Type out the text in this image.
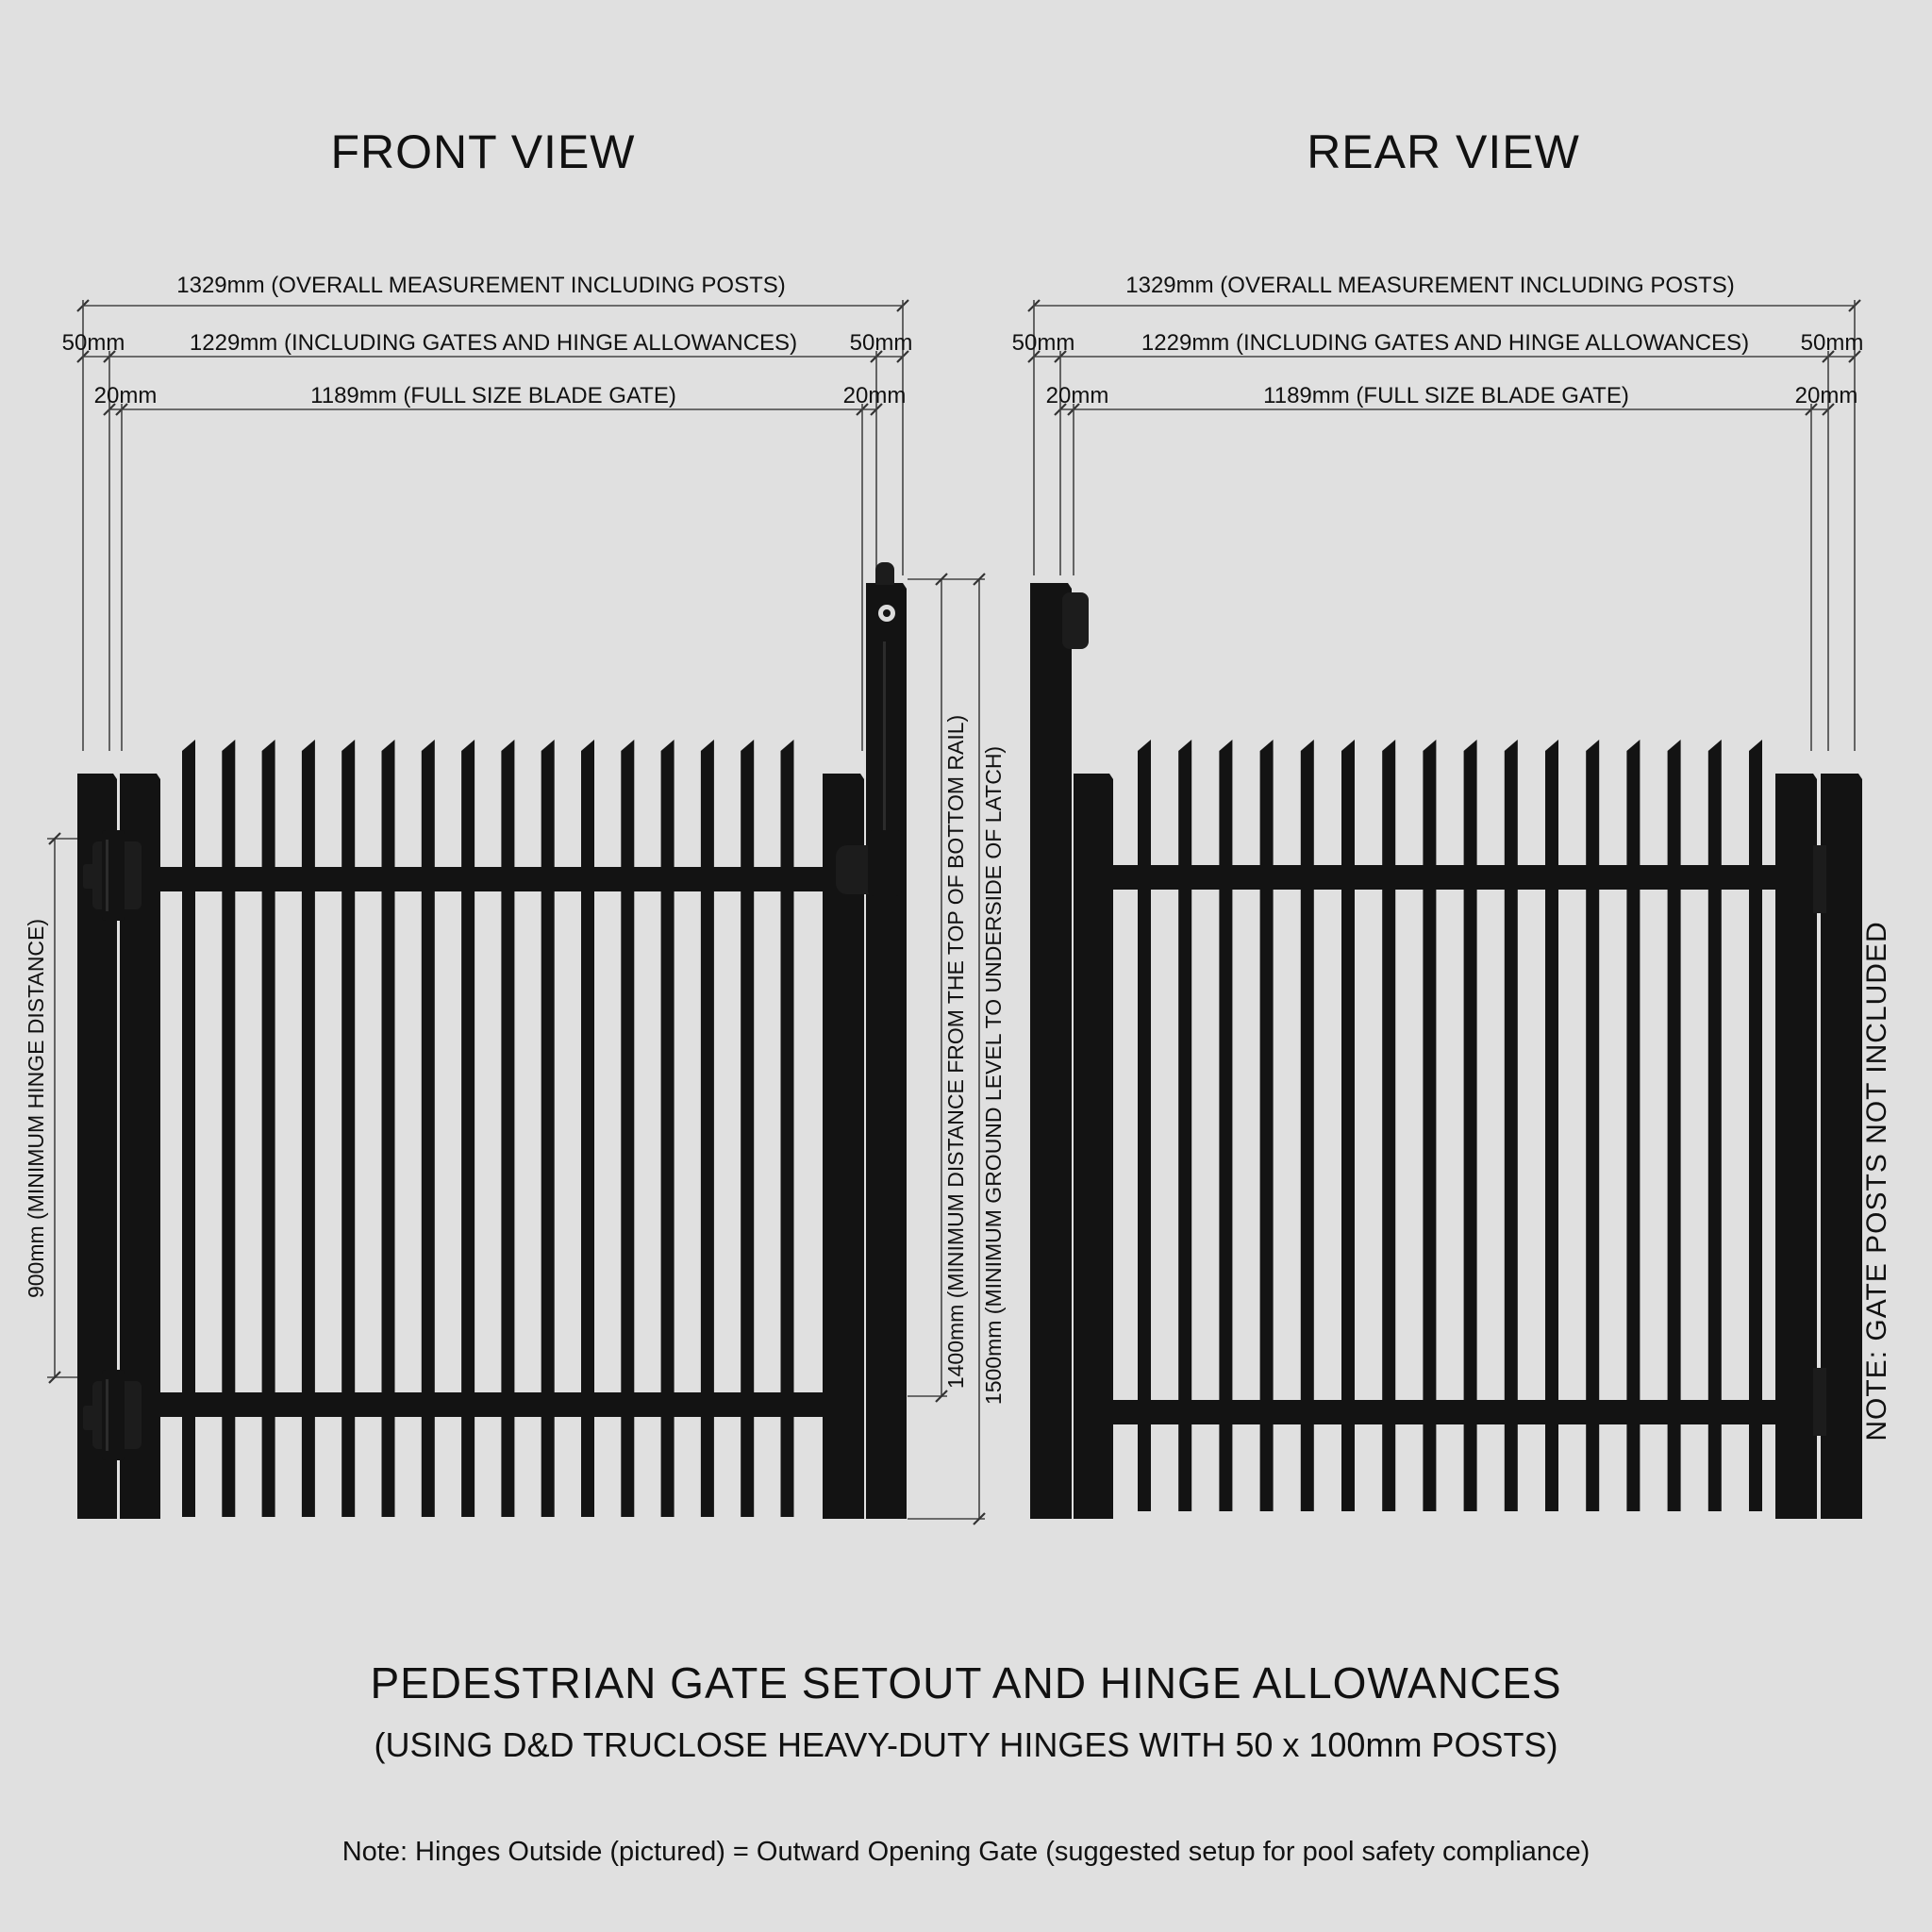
FRONT VIEW
1329mm (OVERALL MEASUREMENT INCLUDING POSTS)
50mm	1229mm (INCLUDING GATES AND HINGE ALLOWANCES) 50mm
20mm	1189mm (FULL SIZE BLADE GATE)	20mm
900mm (MINIMUM HINGE DISTANCE)	1400mm (MINIMUM DISTANCE FROM THE TOP OF BOTTOM RAIL) 1500mm (MINIMUM GROUND LEVEL TO UNDERSIDE OF LATCH)
REAR VIEW
1329mm (OVERALL MEASUREMENT INCLUDING POSTS)
50mm	1229mm (INCLUDING GATES AND HINGE ALLOWANCES) 50mm
20mm	1189mm (FULL SIZE BLADE GATE)	20mm
NOTE: GATE POSTS NOT INCLUDED
PEDESTRIAN GATE SETOUT AND HINGE ALLOWANCES
(USING D&D TRUCLOSE HEAVY-DUTY HINGES WITH 50 x 100mm POSTS)
Note: Hinges Outside (pictured) = Outward Opening Gate (suggested setup for pool safety compliance)
